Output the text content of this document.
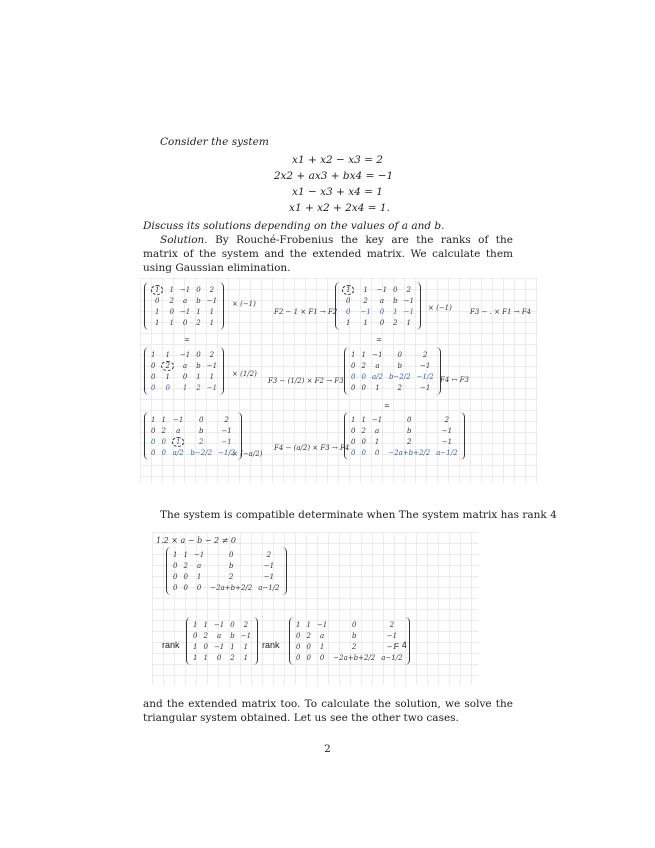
Consider the system
x1 + x2 − x3 = 2
2x2 + ax3 + bx4 = −1
x1 − x3 + x4 = 1
x1 + x2 + 2x4 = 1.
Discuss its solutions depending on the values of a and b.
Solution. By Rouché-Frobenius the key are the ranks of the matrix of the system and the extended matrix. We calculate them using Gaussian elimination.
1	1	−1	0	2
0	2	a	b	−1
1	0	−1	1	1
1	1	0	2	1
× (−1)
F2 − 1 × F1 → F2
=
1	1	−1	0	2
0	2	a	b	−1
0	−1	0	1	−1
1	1	0	2	1
× (−1)	F3 − . × F1 → F4
=
1	1	−1	0	2
0	2	a	b	−1
0	1	0	1	1
0	0	1	2	−1
× (1/2)
F3 − (1/2) × F2 → F3
1	1	−1	0	2
0	2	a	b	−1
0	0	a/2	b−2/2	−1/2
0	0	1	2	−1
F4 ↔ F3
=
1	1	−1	0	2
0	2	a	b	−1
0	0	1	2	−1
0	0	a/2	b−2/2	−1/2
× (−a/2)
F4 − (a/2) × F3 → F4
1	1	−1	0	2
0	2	a	b	−1
0	0	1	2	−1
0	0	0	−2a+b+2/2	a−1/2
The system is compatible determinate when The system matrix has rank 4
1.2 × a − b − 2 ≠ 0
1	1	−1	0	2
0	2	a	b	−1
0	0	1	2	−1
0	0	0	−2a+b+2/2	a−1/2
rank
1	1	−1	0	2
0	2	a	b	−1
1	0	−1	1	1
1	1	0	2	1
rank
1	1	−1	0	2
0	2	a	b	−1
0	0	1	2	−1
0	0	0	−2a+b+2/2	a−1/2
= 4
and the extended matrix too. To calculate the solution, we solve the triangular system obtained. Let us see the other two cases.
2
